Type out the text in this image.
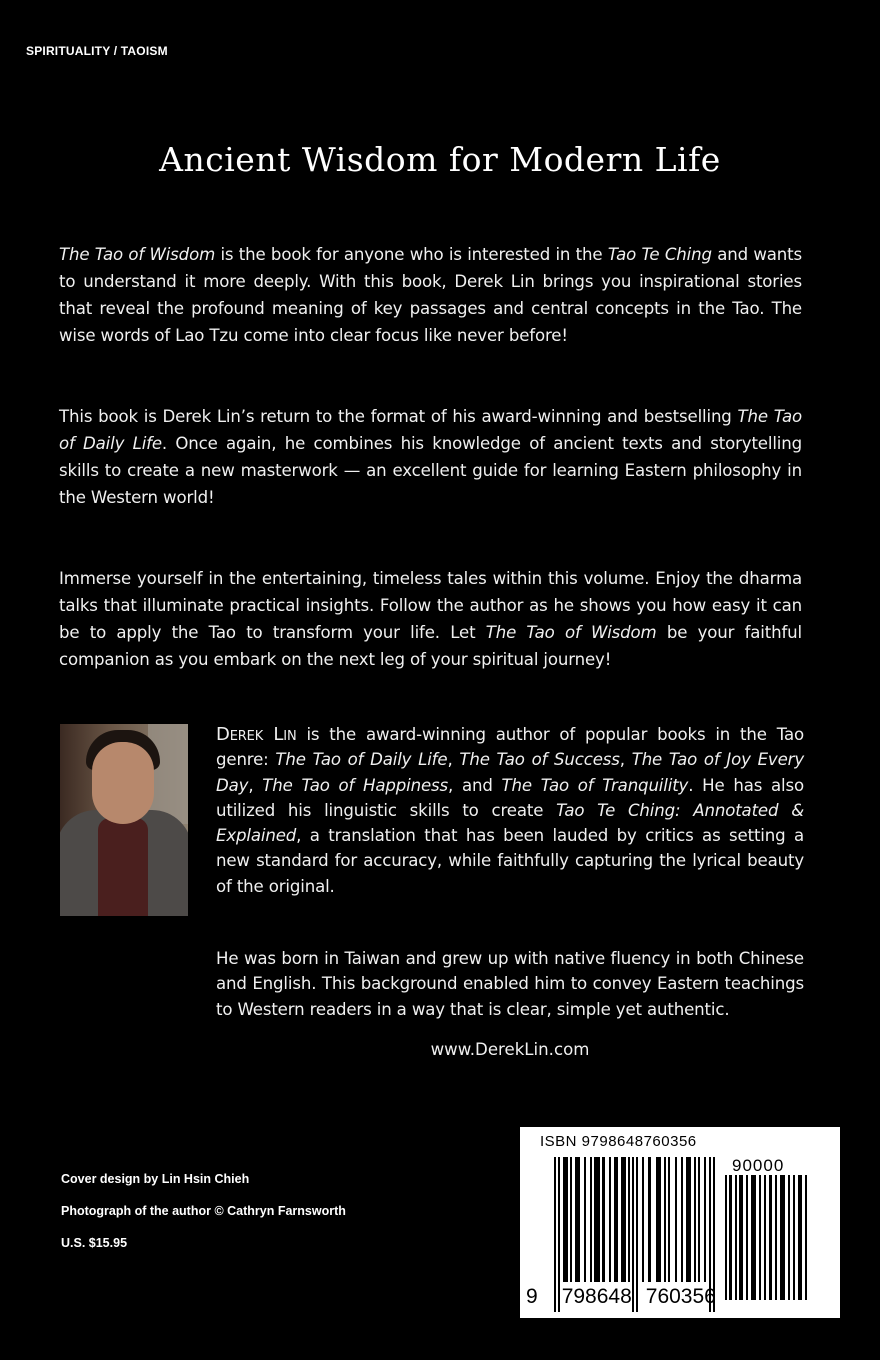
SPIRITUALITY / TAOISM
Ancient Wisdom for Modern Life

The Tao of Wisdom is the book for anyone who is interested in the Tao Te Ching and wants to understand it more deeply. With this book, Derek Lin brings you inspirational stories that reveal the profound meaning of key passages and central concepts in the Tao. The wise words of Lao Tzu come into clear focus like never before!

This book is Derek Lin’s return to the format of his award-winning and bestselling The Tao of Daily Life. Once again, he combines his knowledge of ancient texts and storytelling skills to create a new masterwork — an excellent guide for learning Eastern philosophy in the Western world!

Immerse yourself in the entertaining, timeless tales within this volume. Enjoy the dharma talks that illuminate practical insights. Follow the author as he shows you how easy it can be to apply the Tao to transform your life. Let The Tao of Wisdom be your faithful companion as you embark on the next leg of your spiritual journey!

Derek Lin is the award-winning author of popular books in the Tao genre: The Tao of Daily Life, The Tao of Success, The Tao of Joy Every Day, The Tao of Happiness, and The Tao of Tranquility. He has also utilized his linguistic skills to create Tao Te Ching: Annotated & Explained, a translation that has been lauded by critics as setting a new standard for accuracy, while faithfully capturing the lyrical beauty of the original.

He was born in Taiwan and grew up with native fluency in both Chinese and English. This background enabled him to convey Eastern teachings to Western readers in a way that is clear, simple yet authentic.

www.DerekLin.com
Cover design by Lin Hsin Chieh
Photograph of the author © Cathryn Farnsworth
U.S. $15.95
ISBN 9798648760356
90000
9 798648 760356
